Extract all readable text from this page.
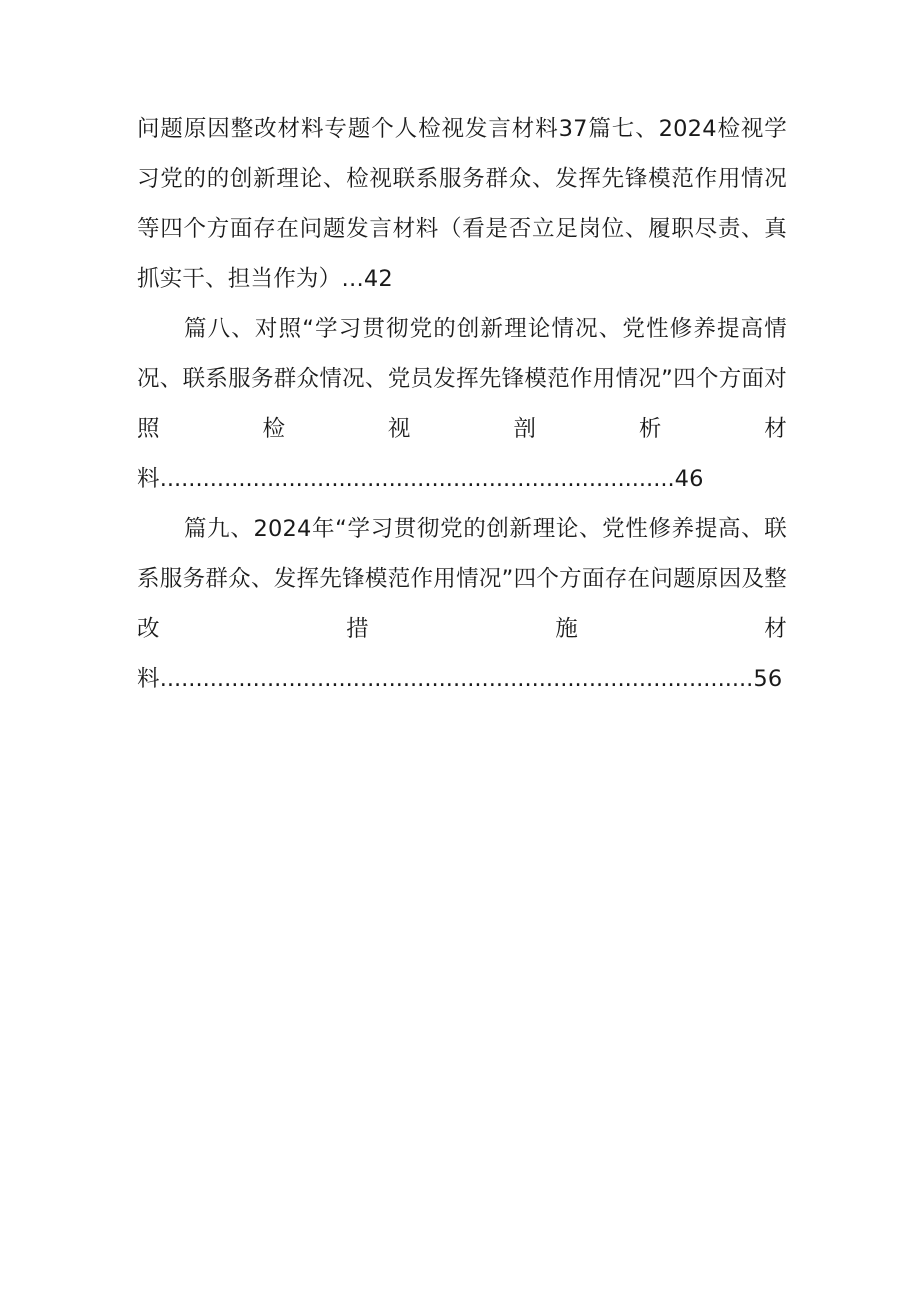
问题原因整改材料专题个人检视发言材料37篇七、2024检视学习党的的创新理论、检视联系服务群众、发挥先锋模范作用情况等四个方面存在问题发言材料（看是否立足岗位、履职尽责、真抓实干、担当作为）…42

篇八、对照“学习贯彻党的创新理论情况、党性修养提高情况、联系服务群众情况、党员发挥先锋模范作用情况”四个方面对照检视剖析材料........................................................................46

篇九、2024年“学习贯彻党的创新理论、党性修养提高、联系服务群众、发挥先锋模范作用情况”四个方面存在问题原因及整改措施材料...................................................................................56
